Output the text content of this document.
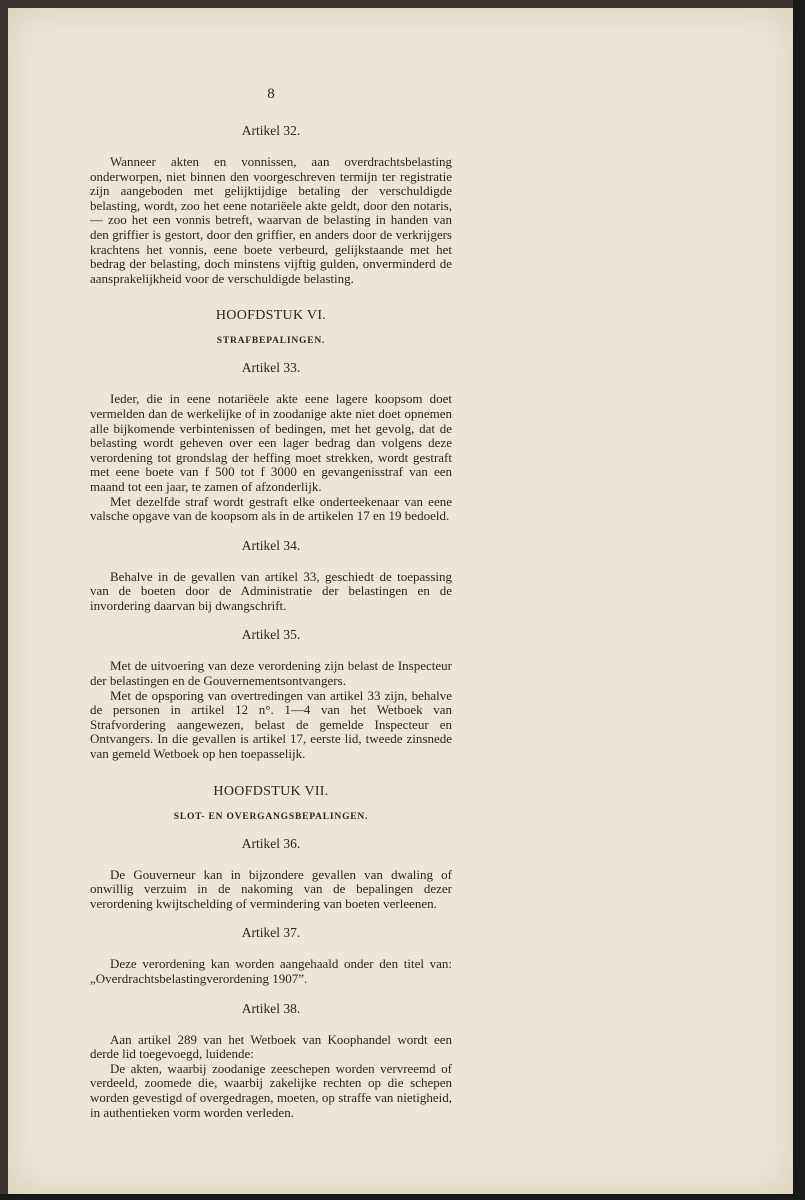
8
Artikel 32.

Wanneer akten en vonnissen, aan overdrachtsbelasting onderworpen, niet binnen den voorgeschreven termijn ter registratie zijn aangeboden met gelijktijdige betaling der verschuldigde belasting, wordt, zoo het eene notariëele akte geldt, door den notaris, — zoo het een vonnis betreft, waarvan de belasting in handen van den griffier is gestort, door den griffier, en anders door de verkrijgers krachtens het vonnis, eene boete verbeurd, gelijkstaande met het bedrag der belasting, doch minstens vijftig gulden, onverminderd de aansprakelijkheid voor de verschuldigde belasting.

HOOFDSTUK VI.
STRAFBEPALINGEN.
Artikel 33.

Ieder, die in eene notariëele akte eene lagere koopsom doet vermelden dan de werkelijke of in zoodanige akte niet doet opnemen alle bijkomende verbintenissen of bedingen, met het gevolg, dat de belasting wordt geheven over een lager bedrag dan volgens deze verordening tot grondslag der heffing moet strekken, wordt gestraft met eene boete van f 500 tot f 3000 en gevangenisstraf van een maand tot een jaar, te zamen of afzonderlijk.

Met dezelfde straf wordt gestraft elke onderteekenaar van eene valsche opgave van de koopsom als in de artikelen 17 en 19 bedoeld.

Artikel 34.

Behalve in de gevallen van artikel 33, geschiedt de toepassing van de boeten door de Administratie der belastingen en de invordering daarvan bij dwangschrift.

Artikel 35.

Met de uitvoering van deze verordening zijn belast de Inspecteur der belastingen en de Gouvernementsontvangers.

Met de opsporing van overtredingen van artikel 33 zijn, behalve de personen in artikel 12 n°. 1—4 van het Wetboek van Strafvordering aangewezen, belast de gemelde Inspecteur en Ontvangers. In die gevallen is artikel 17, eerste lid, tweede zinsnede van gemeld Wetboek op hen toepasselijk.

HOOFDSTUK VII.
SLOT- EN OVERGANGSBEPALINGEN.
Artikel 36.

De Gouverneur kan in bijzondere gevallen van dwaling of onwillig verzuim in de nakoming van de bepalingen dezer verordening kwijtschelding of vermindering van boeten verleenen.

Artikel 37.

Deze verordening kan worden aangehaald onder den titel van: „Overdrachtsbelastingverordening 1907”.

Artikel 38.

Aan artikel 289 van het Wetboek van Koophandel wordt een derde lid toegevoegd, luidende:

De akten, waarbij zoodanige zeeschepen worden vervreemd of verdeeld, zoomede die, waarbij zakelijke rechten op die schepen worden gevestigd of overgedragen, moeten, op straffe van nietigheid, in authentieken vorm worden verleden.
